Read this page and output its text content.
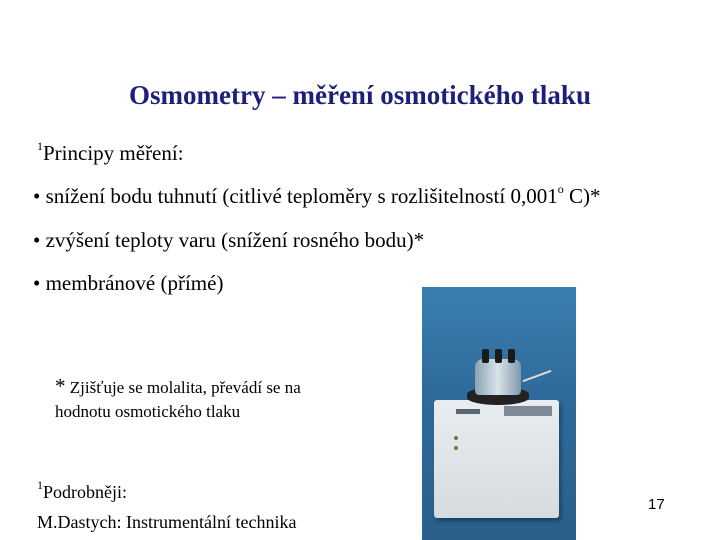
Osmometry – měření osmotického tlaku
$^1$Principy měření:
• snížení bodu tuhnutí (citlivé teploměry s rozlišitelností 0,001$^o$ C)*
• zvýšení teploty varu (snížení rosného bodu)*
• membránové (přímé)
* Zjišťuje se molalita, převádí se na
hodnotu osmotického tlaku
$^1$Podrobněji:
M.Dastych: Instrumentální technika
17
